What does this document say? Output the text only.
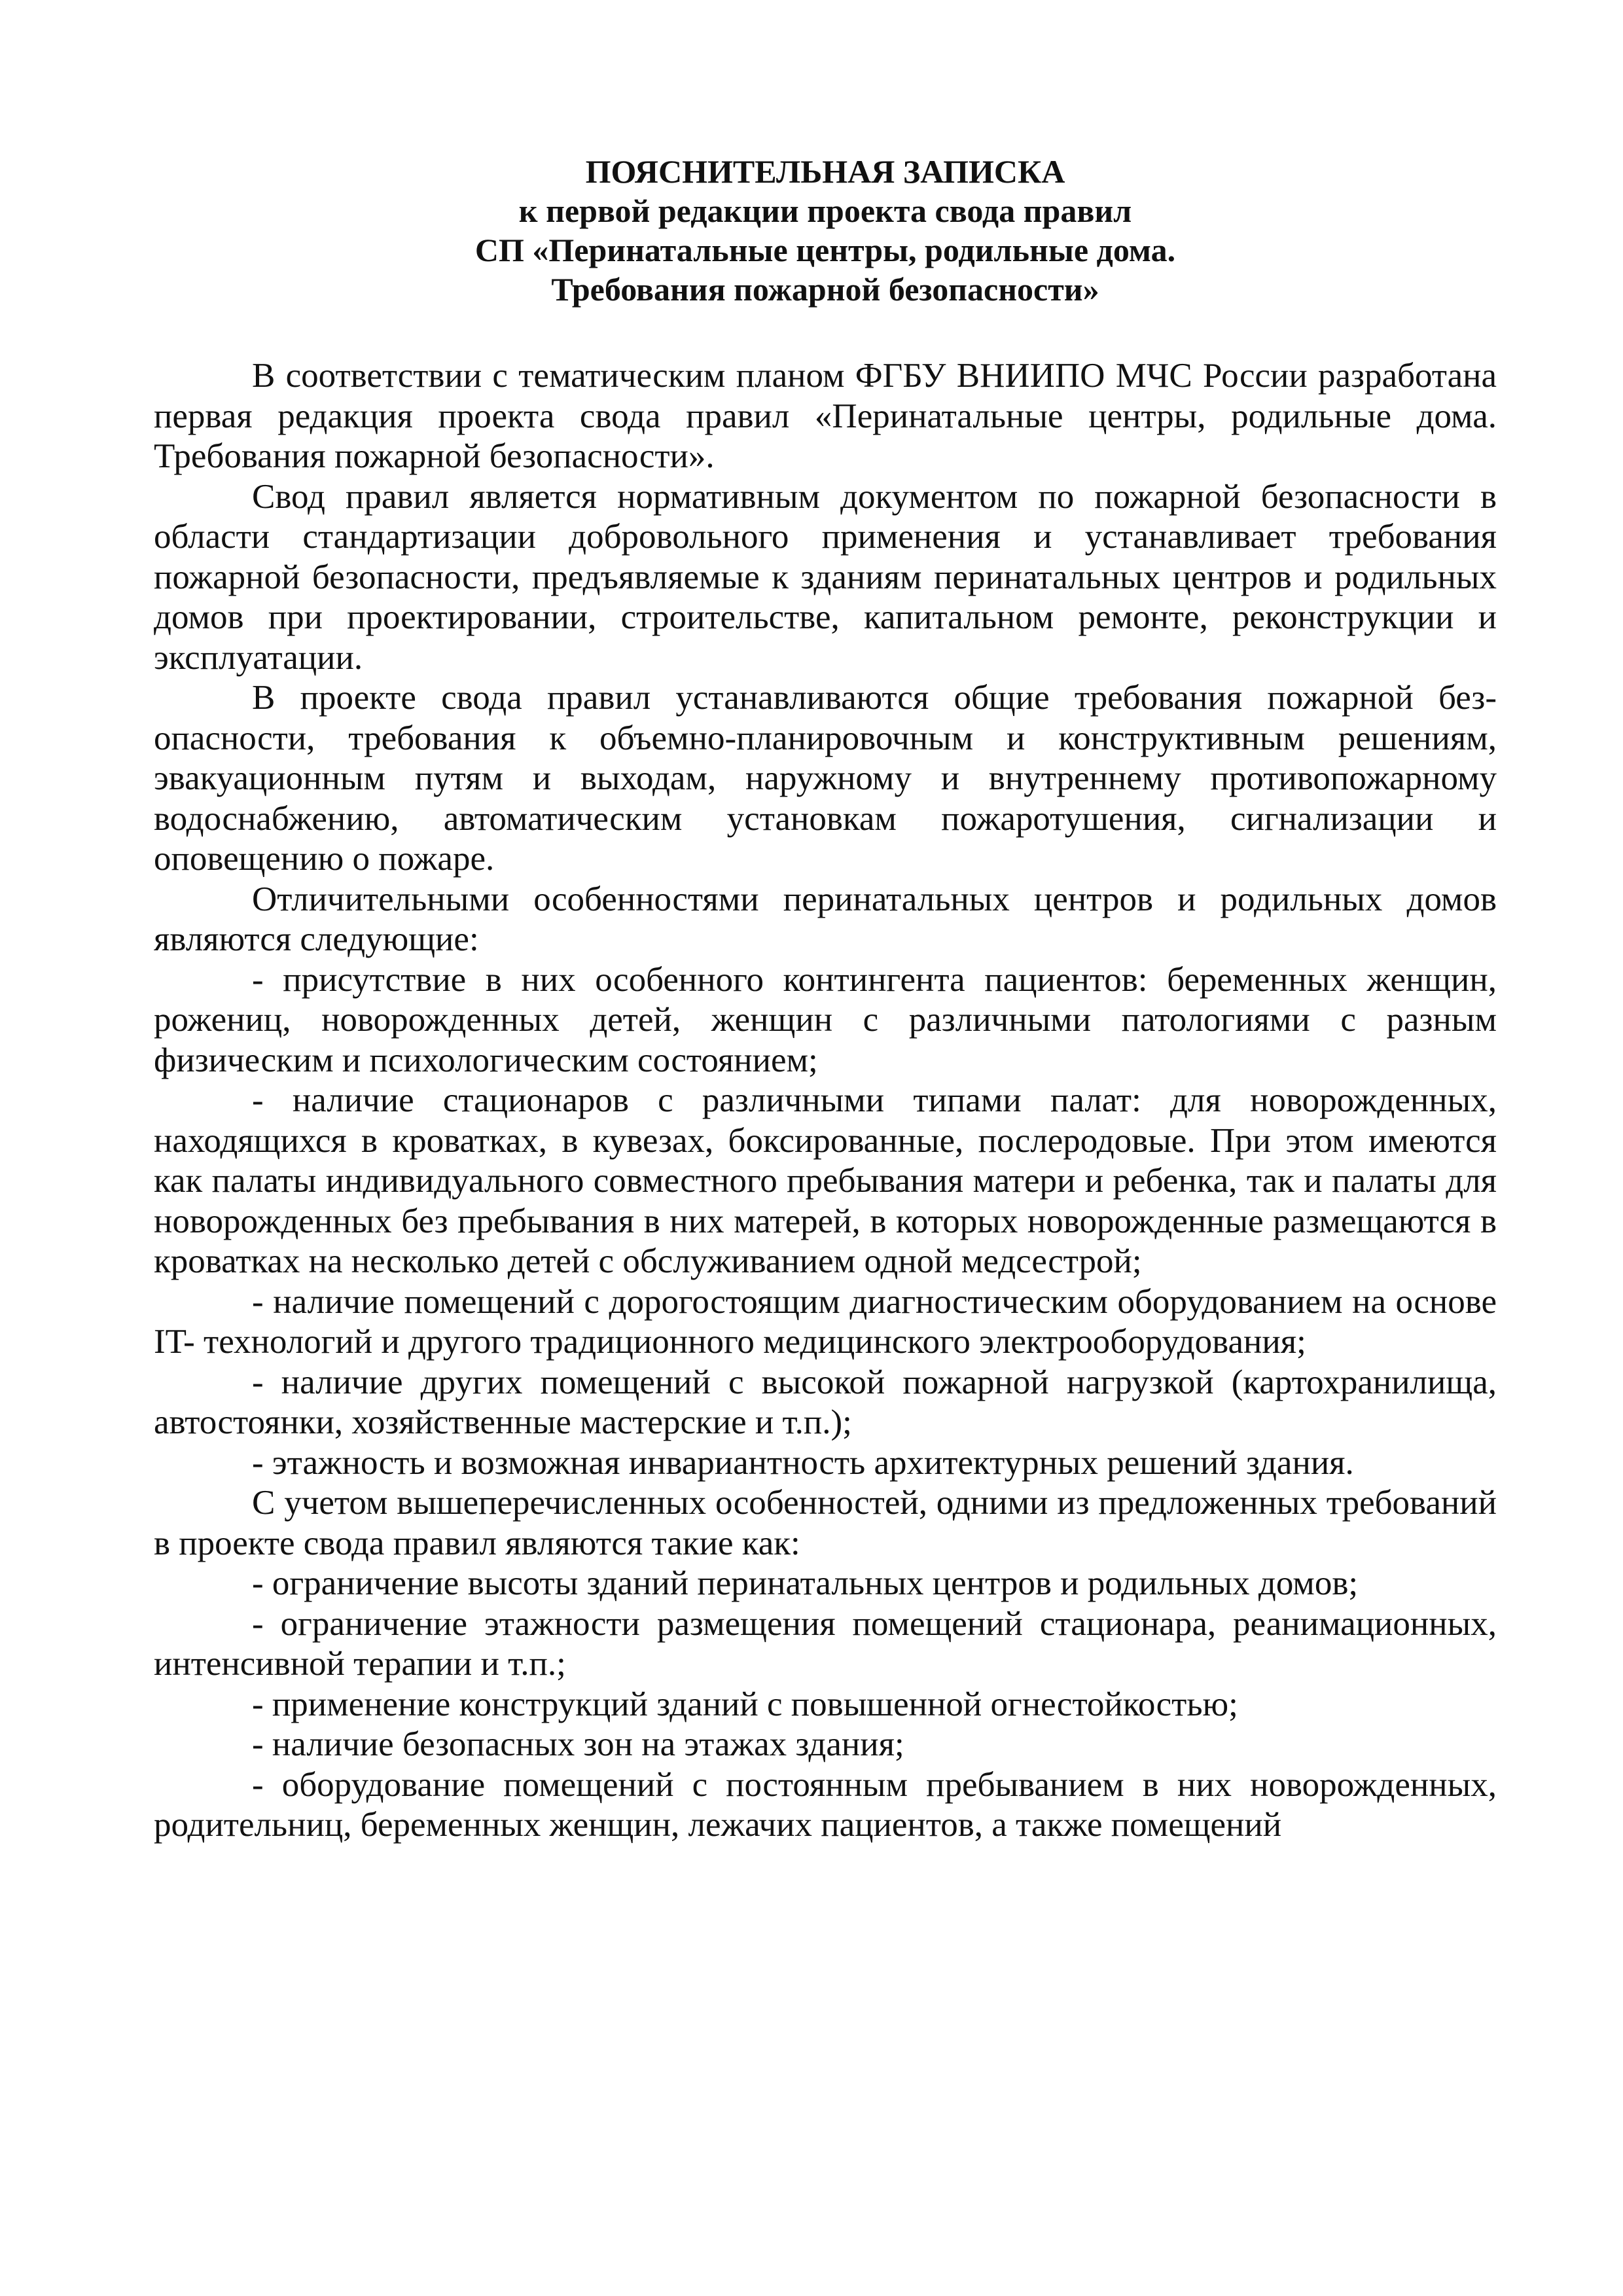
ПОЯСНИТЕЛЬНАЯ ЗАПИСКА
к первой редакции проекта свода правил
СП «Перинатальные центры, родильные дома.
Требования пожарной безопасности»

В соответствии с тематическим планом ФГБУ ВНИИПО МЧС России разработана первая редакция проекта свода правил «Перинатальные центры, родильные дома. Требования пожарной безопасности».

Свод правил является нормативным документом по пожарной безопасности в области стандартизации добровольного применения и устанавливает требования пожарной безопасности, предъявляемые к зданиям перинатальных центров и родильных домов при проектировании, строительстве, капитальном ремонте, реконструкции и эксплуатации.

В проекте свода правил устанавливаются общие требования пожарной безопасности, требования к объемно-планировочным и конструктивным решениям, эвакуационным путям и выходам, наружному и внутреннему противопожарному водоснабжению, автоматическим установкам пожаротушения, сигнализации и оповещению о пожаре.

Отличительными особенностями перинатальных центров и родильных домов являются следующие:

- присутствие в них особенного контингента пациентов: беременных женщин, рожениц, новорожденных детей, женщин с различными патологиями с разным физическим и психологическим состоянием;

- наличие стационаров с различными типами палат: для новорожденных, находящихся в кроватках, в кувезах, боксированные, послеродовые. При этом имеются как палаты индивидуального совместного пребывания матери и ребенка, так и палаты для новорожденных без пребывания в них матерей, в которых новорожденные размещаются в кроватках на несколько детей с обслуживанием одной медсестрой;

- наличие помещений с дорогостоящим диагностическим оборудованием на основе IT- технологий и другого традиционного медицинского электрооборудования;

- наличие других помещений с высокой пожарной нагрузкой (картохранилища, автостоянки, хозяйственные мастерские и т.п.);

- этажность и возможная инвариантность архитектурных решений здания.

С учетом вышеперечисленных особенностей, одними из предложенных требований в проекте свода правил являются такие как:

- ограничение высоты зданий перинатальных центров и родильных домов;

- ограничение этажности размещения помещений стационара, реанимационных, интенсивной терапии и т.п.;

- применение конструкций зданий с повышенной огнестойкостью;

- наличие безопасных зон на этажах здания;

- оборудование помещений с постоянным пребыванием в них новорожденных, родительниц, беременных женщин, лежачих пациентов, а также помещений
